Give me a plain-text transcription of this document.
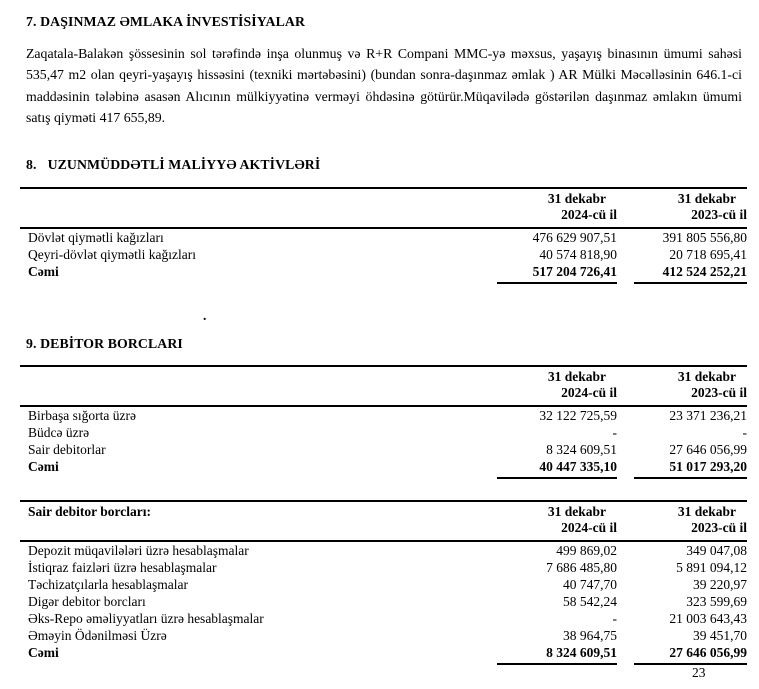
7. DAŞINMAZ ƏMLAKA İNVESTİSİYALAR
Zaqatala-Balakən şössesinin sol tərəfində inşa olunmuş və R+R Compani MMC-yə məxsus, yaşayış binasının ümumi sahəsi 535,47 m2 olan qeyri-yaşayış hissəsini (texniki mərtəbəsini) (bundan sonra-daşınmaz əmlak ) AR Mülki Məcəlləsinin 646.1-ci maddəsinin tələbinə asasən Alıcının mülkiyyətinə verməyi öhdəsinə götürür.Müqavilədə göstərilən daşınmaz əmlakın ümumi satış qiyməti 417 655,89.
8. UZUNMÜDDƏTLİ MALİYYƏ AKTİVLƏRİ
31 dekabr
2024-cü il
31 dekabr
2023-cü il
Dövlət qiymətli kağızları	476 629 907,51	391 805 556,80
Qeyri-dövlət qiymətli kağızları	40 574 818,90	20 718 695,41
Cəmi	517 204 726,41	412 524 252,21
.
9. DEBİTOR BORCLARI
31 dekabr
2024-cü il
31 dekabr
2023-cü il
Birbaşa sığorta üzrə	32 122 725,59	23 371 236,21
Büdcə üzrə	-	-
Sair debitorlar	8 324 609,51	27 646 056,99
Cəmi	40 447 335,10	51 017 293,20
Sair debitor borcları:	31 dekabr
2024-cü il
31 dekabr
2023-cü il
Depozit müqavilələri üzrə hesablaşmalar	499 869,02	349 047,08
İstiqraz faizləri üzrə hesablaşmalar	7 686 485,80	5 891 094,12
Təchizatçılarla hesablaşmalar	40 747,70	39 220,97
Digər debitor borcları	58 542,24	323 599,69
Əks-Repo əməliyyatları üzrə hesablaşmalar	-	21 003 643,43
Əməyin Ödənilməsi Üzrə	38 964,75	39 451,70
Cəmi	8 324 609,51	27 646 056,99
23
